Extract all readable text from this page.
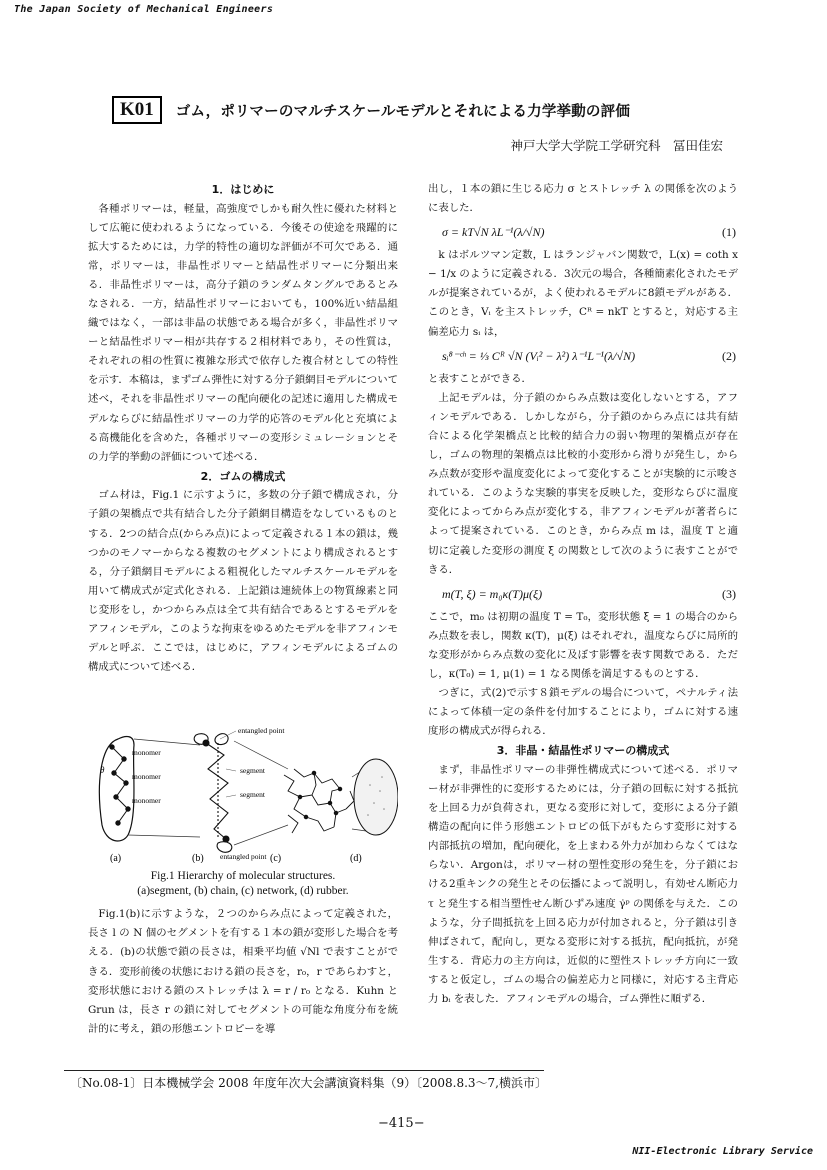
The Japan Society of Mechanical Engineers
K01	ゴム，ポリマーのマルチスケールモデルとそれによる力学挙動の評価
神戸大学大学院工学研究科　冨田佳宏
1．はじめに

各種ポリマーは，軽量，高強度でしかも耐久性に優れた材料として広範に使われるようになっている．今後その使途を飛躍的に拡大するためには，力学的特性の適切な評価が不可欠である．通常，ポリマーは，非晶性ポリマーと結晶性ポリマーに分類出来る．非晶性ポリマーは，高分子鎖のランダムタングルであるとみなされる．一方，結晶性ポリマーにおいても，100%近い結晶組織ではなく，一部は非晶の状態である場合が多く，非晶性ポリマーと結晶性ポリマー相が共存する２相材料であり，その性質は，それぞれの相の性質に複雑な形式で依存した複合材としての特性を示す．本稿は，まずゴム弾性に対する分子鎖網目モデルについて述べ，それを非晶性ポリマーの配向硬化の記述に適用した構成モデルならびに結晶性ポリマーの力学的応答のモデル化と充填による高機能化を含めた，各種ポリマーの変形シミュレーションとその力学的挙動の評価について述べる．

2．ゴムの構成式

ゴム材は，Fig.1 に示すように，多数の分子鎖で構成され，分子鎖の架橋点で共有結合した分子鎖網目構造をなしているものとする．2つの結合点(からみ点)によって定義される１本の鎖は，幾つかのモノマーからなる複数のセグメントにより構成されるとする，分子鎖網目モデルによる粗視化したマルチスケールモデルを用いて構成式が定式化される．上記鎖は連続体上の物質線素と同じ変形をし，かつからみ点は全て共有結合であるとするモデルをアフィンモデル，このような拘束をゆるめたモデルを非アフィンモデルと呼ぶ．ここでは，はじめに，アフィンモデルによるゴムの構成式について述べる．

θ
monomer
monomer
monomer
segment
segment
entangled point
entangled point
(a)	(b)	(c)	(d)
Fig.1 Hierarchy of molecular structures.
(a)segment, (b) chain, (c) network, (d) rubber.

Fig.1(b)に示すような，２つのからみ点によって定義された，長さ l の N 個のセグメントを有する１本の鎖が変形した場合を考える．(b)の状態で鎖の長さは，相乗平均値 √Nl で表すことができる．変形前後の状態における鎖の長さを，r₀，r であらわすと，変形状態における鎖のストレッチは λ = r / r₀ となる．Kuhn と Grun は，長さ r の鎖に対してセグメントの可能な角度分布を統計的に考え，鎖の形態エントロピーを導

出し，１本の鎖に生じる応力 σ とストレッチ λ の関係を次のように表した．

σ = kT√N λL⁻¹(λ/√N)	(1)

k はボルツマン定数，L はランジャバン関数で，L(x) = coth x − 1/x のように定義される．3次元の場合，各種簡素化されたモデルが提案されているが，よく使われるモデルに8鎖モデルがある．このとき，Vᵢ を主ストレッチ，Cᴿ = nkT とすると，対応する主偏差応力 sᵢ は，

sᵢ⁸⁻ᶜʰ = ⅓ Cᴿ √N (Vᵢ² − λ²) λ⁻¹L⁻¹(λ/√N)	(2)

と表すことができる．

上記モデルは，分子鎖のからみ点数は変化しないとする，アフィンモデルである．しかしながら，分子鎖のからみ点には共有結合による化学架橋点と比較的結合力の弱い物理的架橋点が存在し，ゴムの物理的架橋点は比較的小変形から滑りが発生し，からみ点数が変形や温度変化によって変化することが実験的に示唆されている．このような実験的事実を反映した，変形ならびに温度変化によってからみ点が変化する，非アフィンモデルが著者らによって提案されている．このとき，からみ点 m は，温度 T と適切に定義した変形の測度 ξ の関数として次のように表すことができる．

m(T, ξ) = m₀κ(T)μ(ξ)	(3)

ここで，m₀ は初期の温度 T = T₀，変形状態 ξ = 1 の場合のからみ点数を表し，関数 κ(T)，μ(ξ) はそれぞれ，温度ならびに局所的な変形がからみ点数の変化に及ぼす影響を表す関数である．ただし，κ(T₀) = 1, μ(1) = 1 なる関係を満足するものとする．

つぎに，式(2)で示す８鎖モデルの場合について，ペナルティ法によって体積一定の条件を付加することにより，ゴムに対する速度形の構成式が得られる．

3．非晶・結晶性ポリマーの構成式

まず，非晶性ポリマーの非弾性構成式について述べる．ポリマー材が非弾性的に変形するためには，分子鎖の回転に対する抵抗を上回る力が負荷され，更なる変形に対して，変形による分子鎖構造の配向に伴う形態エントロピの低下がもたらす変形に対する内部抵抗の増加，配向硬化，を上まわる外力が加わらなくてはならない．Argonは，ポリマー材の塑性変形の発生を，分子鎖における2重キンクの発生とその伝播によって説明し，有効せん断応力 τ と発生する相当塑性せん断ひずみ速度 γ̇ᵖ の関係を与えた．このような，分子間抵抗を上回る応力が付加されると，分子鎖は引き伸ばされて，配向し，更なる変形に対する抵抗，配向抵抗，が発生する．背応力の主方向は，近似的に塑性ストレッチ方向に一致すると仮定し，ゴムの場合の偏差応力と同様に，対応する主背応力 bᵢ を表した．アフィンモデルの場合，ゴム弾性に順ずる．

〔No.08-1〕日本機械学会 2008 年度年次大会講演資料集（9）〔2008.8.3～7,横浜市〕
−415−
NII-Electronic Library Service
